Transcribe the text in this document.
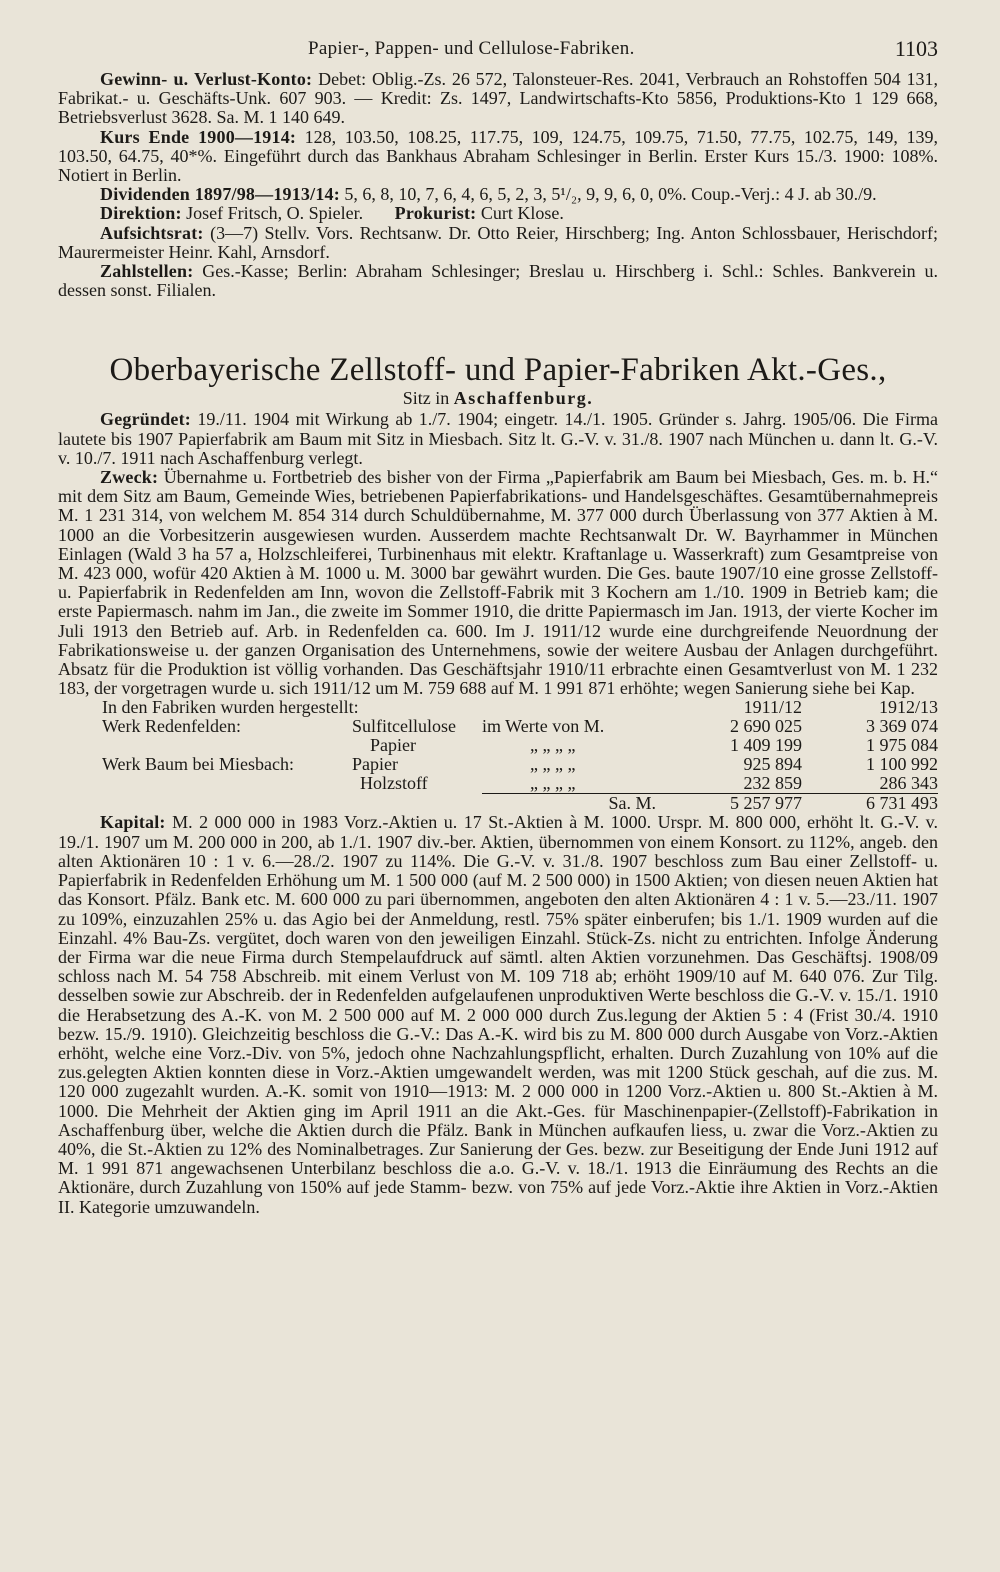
Papier-, Pappen- und Cellulose-Fabriken.	1103

Gewinn- u. Verlust-Konto: Debet: Oblig.-Zs. 26 572, Talonsteuer-Res. 2041, Verbrauch an Rohstoffen 504 131, Fabrikat.- u. Geschäfts-Unk. 607 903. — Kredit: Zs. 1497, Landwirtschafts-Kto 5856, Produktions-Kto 1 129 668, Betriebsverlust 3628. Sa. M. 1 140 649.

Kurs Ende 1900—1914: 128, 103.50, 108.25, 117.75, 109, 124.75, 109.75, 71.50, 77.75, 102.75, 149, 139, 103.50, 64.75, 40*%. Eingeführt durch das Bankhaus Abraham Schlesinger in Berlin. Erster Kurs 15./3. 1900: 108%. Notiert in Berlin.

Dividenden 1897/98—1913/14: 5, 6, 8, 10, 7, 6, 4, 6, 5, 2, 3, 5¹/₂, 9, 9, 6, 0, 0%. Coup.-Verj.: 4 J. ab 30./9.

Direktion: Josef Fritsch, O. Spieler. Prokurist: Curt Klose.

Aufsichtsrat: (3—7) Stellv. Vors. Rechtsanw. Dr. Otto Reier, Hirschberg; Ing. Anton Schlossbauer, Herischdorf; Maurermeister Heinr. Kahl, Arnsdorf.

Zahlstellen: Ges.-Kasse; Berlin: Abraham Schlesinger; Breslau u. Hirschberg i. Schl.: Schles. Bankverein u. dessen sonst. Filialen.

Oberbayerische Zellstoff- und Papier-Fabriken Akt.-Ges.,
Sitz in Aschaffenburg.

Gegründet: 19./11. 1904 mit Wirkung ab 1./7. 1904; eingetr. 14./1. 1905. Gründer s. Jahrg. 1905/06. Die Firma lautete bis 1907 Papierfabrik am Baum mit Sitz in Miesbach. Sitz lt. G.-V. v. 31./8. 1907 nach München u. dann lt. G.-V. v. 10./7. 1911 nach Aschaffenburg verlegt.

Zweck: Übernahme u. Fortbetrieb des bisher von der Firma „Papierfabrik am Baum bei Miesbach, Ges. m. b. H.“ mit dem Sitz am Baum, Gemeinde Wies, betriebenen Papierfabrikations- und Handelsgeschäftes. Gesamtübernahmepreis M. 1 231 314, von welchem M. 854 314 durch Schuldübernahme, M. 377 000 durch Überlassung von 377 Aktien à M. 1000 an die Vorbesitzerin ausgewiesen wurden. Ausserdem machte Rechtsanwalt Dr. W. Bayrhammer in München Einlagen (Wald 3 ha 57 a, Holzschleiferei, Turbinenhaus mit elektr. Kraftanlage u. Wasserkraft) zum Gesamtpreise von M. 423 000, wofür 420 Aktien à M. 1000 u. M. 3000 bar gewährt wurden. Die Ges. baute 1907/10 eine grosse Zellstoff- u. Papierfabrik in Redenfelden am Inn, wovon die Zellstoff-Fabrik mit 3 Kochern am 1./10. 1909 in Betrieb kam; die erste Papiermasch. nahm im Jan., die zweite im Sommer 1910, die dritte Papiermasch im Jan. 1913, der vierte Kocher im Juli 1913 den Betrieb auf. Arb. in Redenfelden ca. 600. Im J. 1911/12 wurde eine durchgreifende Neuordnung der Fabrikationsweise u. der ganzen Organisation des Unternehmens, sowie der weitere Ausbau der Anlagen durchgeführt. Absatz für die Produktion ist völlig vorhanden. Das Geschäftsjahr 1910/11 erbrachte einen Gesamtverlust von M. 1 232 183, der vorgetragen wurde u. sich 1911/12 um M. 759 688 auf M. 1 991 871 erhöhte; wegen Sanierung siehe bei Kap.

In den Fabriken wurden hergestellt:			1911/12	1912/13
Werk Redenfelden:	Sulfitcellulose	im Werte von M.	2 690 025	3 369 074
	Papier	„ „ „ „	1 409 199	1 975 084
Werk Baum bei Miesbach:	Papier	„ „ „ „	925 894	1 100 992
	Holzstoff	„ „ „ „	232 859	286 343
		Sa. M.	5 257 977	6 731 493

Kapital: M. 2 000 000 in 1983 Vorz.-Aktien u. 17 St.-Aktien à M. 1000. Urspr. M. 800 000, erhöht lt. G.-V. v. 19./1. 1907 um M. 200 000 in 200, ab 1./1. 1907 div.-ber. Aktien, übernommen von einem Konsort. zu 112%, angeb. den alten Aktionären 10 : 1 v. 6.—28./2. 1907 zu 114%. Die G.-V. v. 31./8. 1907 beschloss zum Bau einer Zellstoff- u. Papierfabrik in Redenfelden Erhöhung um M. 1 500 000 (auf M. 2 500 000) in 1500 Aktien; von diesen neuen Aktien hat das Konsort. Pfälz. Bank etc. M. 600 000 zu pari übernommen, angeboten den alten Aktionären 4 : 1 v. 5.—23./11. 1907 zu 109%, einzuzahlen 25% u. das Agio bei der Anmeldung, restl. 75% später einberufen; bis 1./1. 1909 wurden auf die Einzahl. 4% Bau-Zs. vergütet, doch waren von den jeweiligen Einzahl. Stück-Zs. nicht zu entrichten. Infolge Änderung der Firma war die neue Firma durch Stempelaufdruck auf sämtl. alten Aktien vorzunehmen. Das Geschäftsj. 1908/09 schloss nach M. 54 758 Abschreib. mit einem Verlust von M. 109 718 ab; erhöht 1909/10 auf M. 640 076. Zur Tilg. desselben sowie zur Abschreib. der in Redenfelden aufgelaufenen unproduktiven Werte beschloss die G.-V. v. 15./1. 1910 die Herabsetzung des A.-K. von M. 2 500 000 auf M. 2 000 000 durch Zus.legung der Aktien 5 : 4 (Frist 30./4. 1910 bezw. 15./9. 1910). Gleichzeitig beschloss die G.-V.: Das A.-K. wird bis zu M. 800 000 durch Ausgabe von Vorz.-Aktien erhöht, welche eine Vorz.-Div. von 5%, jedoch ohne Nachzahlungspflicht, erhalten. Durch Zuzahlung von 10% auf die zus.gelegten Aktien konnten diese in Vorz.-Aktien umgewandelt werden, was mit 1200 Stück geschah, auf die zus. M. 120 000 zugezahlt wurden. A.-K. somit von 1910—1913: M. 2 000 000 in 1200 Vorz.-Aktien u. 800 St.-Aktien à M. 1000. Die Mehrheit der Aktien ging im April 1911 an die Akt.-Ges. für Maschinenpapier-(Zellstoff)-Fabrikation in Aschaffenburg über, welche die Aktien durch die Pfälz. Bank in München aufkaufen liess, u. zwar die Vorz.-Aktien zu 40%, die St.-Aktien zu 12% des Nominalbetrages. Zur Sanierung der Ges. bezw. zur Beseitigung der Ende Juni 1912 auf M. 1 991 871 angewachsenen Unterbilanz beschloss die a.o. G.-V. v. 18./1. 1913 die Einräumung des Rechts an die Aktionäre, durch Zuzahlung von 150% auf jede Stamm- bezw. von 75% auf jede Vorz.-Aktie ihre Aktien in Vorz.-Aktien II. Kategorie umzuwandeln.
